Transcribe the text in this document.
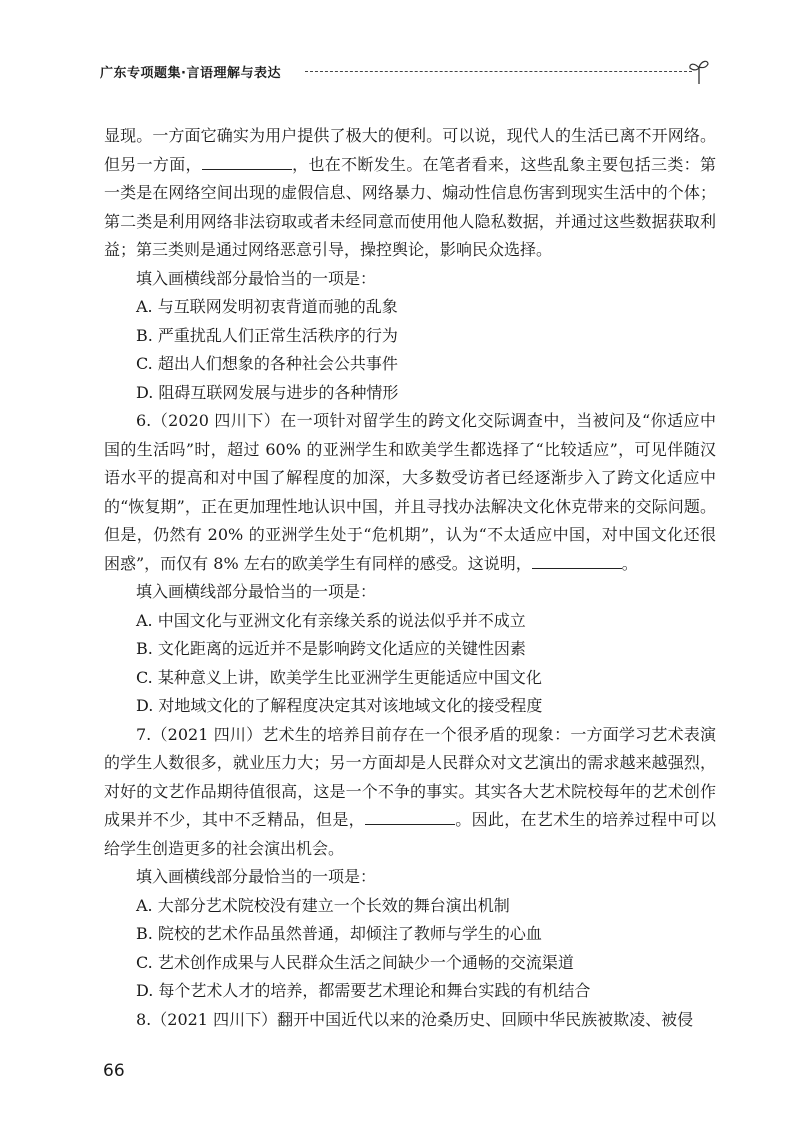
广东专项题集·言语理解与表达

显现。一方面它确实为用户提供了极大的便利。可以说，现代人的生活已离不开网络。但另一方面，	，也在不断发生。在笔者看来，这些乱象主要包括三类：第一类是在网络空间出现的虚假信息、网络暴力、煽动性信息伤害到现实生活中的个体；第二类是利用网络非法窃取或者未经同意而使用他人隐私数据，并通过这些数据获取利益；第三类则是通过网络恶意引导，操控舆论，影响民众选择。

填入画横线部分最恰当的一项是：

A. 与互联网发明初衷背道而驰的乱象

B. 严重扰乱人们正常生活秩序的行为

C. 超出人们想象的各种社会公共事件

D. 阻碍互联网发展与进步的各种情形

6.（2020 四川下）在一项针对留学生的跨文化交际调查中，当被问及“你适应中国的生活吗”时，超过 60% 的亚洲学生和欧美学生都选择了“比较适应”，可见伴随汉语水平的提高和对中国了解程度的加深，大多数受访者已经逐渐步入了跨文化适应中的“恢复期”，正在更加理性地认识中国，并且寻找办法解决文化休克带来的交际问题。但是，仍然有 20% 的亚洲学生处于“危机期”，认为“不太适应中国，对中国文化还很困惑”，而仅有 8% 左右的欧美学生有同样的感受。这说明，	。

填入画横线部分最恰当的一项是：

A. 中国文化与亚洲文化有亲缘关系的说法似乎并不成立

B. 文化距离的远近并不是影响跨文化适应的关键性因素

C. 某种意义上讲，欧美学生比亚洲学生更能适应中国文化

D. 对地域文化的了解程度决定其对该地域文化的接受程度

7.（2021 四川）艺术生的培养目前存在一个很矛盾的现象：一方面学习艺术表演的学生人数很多，就业压力大；另一方面却是人民群众对文艺演出的需求越来越强烈，对好的文艺作品期待值很高，这是一个不争的事实。其实各大艺术院校每年的艺术创作成果并不少，其中不乏精品，但是，	。因此，在艺术生的培养过程中可以给学生创造更多的社会演出机会。

填入画横线部分最恰当的一项是：

A. 大部分艺术院校没有建立一个长效的舞台演出机制

B. 院校的艺术作品虽然普通，却倾注了教师与学生的心血

C. 艺术创作成果与人民群众生活之间缺少一个通畅的交流渠道

D. 每个艺术人才的培养，都需要艺术理论和舞台实践的有机结合

8.（2021 四川下）翻开中国近代以来的沧桑历史、回顾中华民族被欺凌、被侵

66
